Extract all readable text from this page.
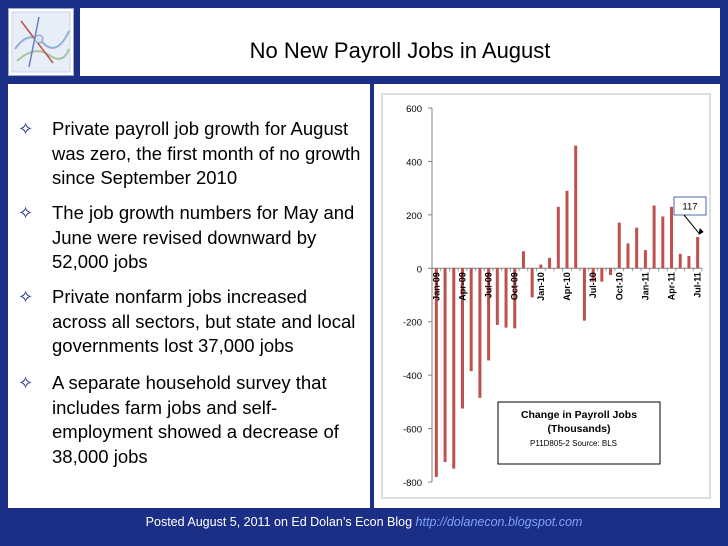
No New Payroll Jobs in August
✧ Private payroll job growth for August was zero, the first month of no growth since September 2010
✧ The job growth numbers for May and June were revised downward by 52,000 jobs
✧ Private nonfarm jobs increased across all sectors, but state and local governments lost 37,000 jobs
✧ A separate household survey that includes farm jobs and self-employment showed a decrease of 38,000 jobs
-800
-600
-400
-200
0
200
400
600
Jan-09 Apr-09 Jul-09 Oct-09 Jan-10 Apr-10 Jul-10 Oct-10 Jan-11 Apr-11 Jul-11
117
Change in Payroll Jobs
(Thousands)
P11D805-2 Source: BLS
Posted August 5, 2011 on Ed Dolan’s Econ Blog http://dolanecon.blogspot.com
